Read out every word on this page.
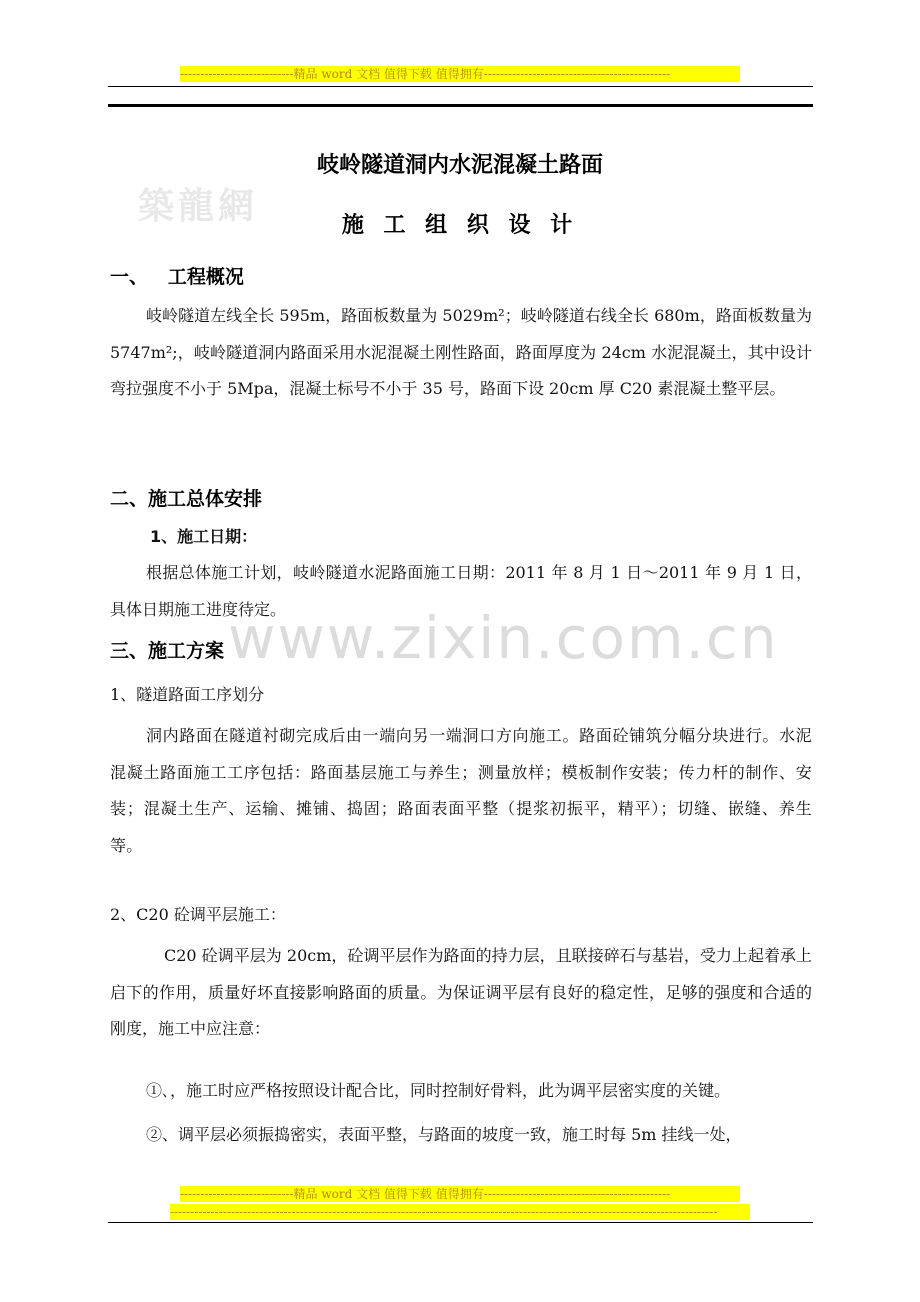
----------------------------精品 word 文档 值得下载 值得拥有----------------------------------------------
築龍網
www.zixin.com.cn
岐岭隧道洞内水泥混凝土路面
施 工 组 织 设 计
一、   工程概况
岐岭隧道左线全长 595m，路面板数量为 5029m²；岐岭隧道右线全长 680m，路面板数量为 5747m²;，岐岭隧道洞内路面采用水泥混凝土刚性路面，路面厚度为 24cm 水泥混凝土，其中设计弯拉强度不小于 5Mpa，混凝土标号不小于 35 号，路面下设 20cm 厚 C20 素混凝土整平层。
二、施工总体安排
1、施工日期：
根据总体施工计划，岐岭隧道水泥路面施工日期：2011 年 8 月 1 日～2011 年 9 月 1 日，具体日期施工进度待定。
三、施工方案
1、隧道路面工序划分
洞内路面在隧道衬砌完成后由一端向另一端洞口方向施工。路面砼铺筑分幅分块进行。水泥混凝土路面施工工序包括：路面基层施工与养生；测量放样；模板制作安装；传力杆的制作、安装；混凝土生产、运输、摊铺、捣固；路面表面平整（提浆初振平，精平）；切缝、嵌缝、养生等。
2、C20 砼调平层施工：
C20 砼调平层为 20cm，砼调平层作为路面的持力层，且联接碎石与基岩，受力上起着承上启下的作用，质量好坏直接影响路面的质量。为保证调平层有良好的稳定性，足够的强度和合适的刚度，施工中应注意：
①､，施工时应严格按照设计配合比，同时控制好骨料，此为调平层密实度的关键。
②、调平层必须振捣密实，表面平整，与路面的坡度一致，施工时每 5m 挂线一处，
----------------------------精品 word 文档 值得下载 值得拥有----------------------------------------------
---------------------------------------------------------------------------------------------------------------------------------------
